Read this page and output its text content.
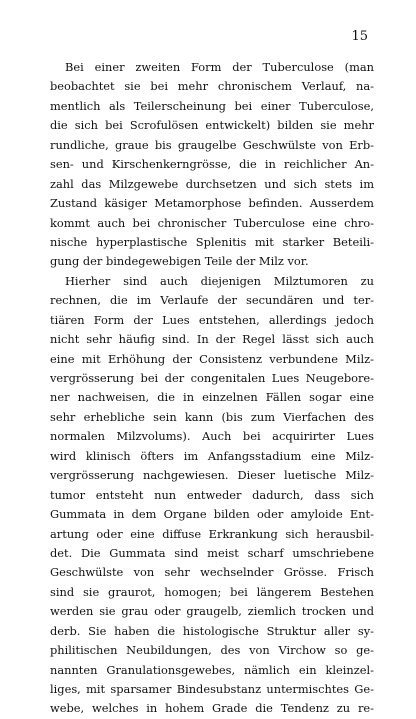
15
Bei einer zweiten Form der Tuberculose (man
beobachtet sie bei mehr chronischem Verlauf, na-
mentlich als Teilerscheinung bei einer Tuberculose,
die sich bei Scrofulösen entwickelt) bilden sie mehr
rundliche, graue bis graugelbe Geschwülste von Erb-
sen- und Kirschenkerngrösse, die in reichlicher An-
zahl das Milzgewebe durchsetzen und sich stets im
Zustand käsiger Metamorphose befinden. Ausserdem
kommt auch bei chronischer Tuberculose eine chro-
nische hyperplastische Splenitis mit starker Beteili-
gung der bindegewebigen Teile der Milz vor.
Hierher sind auch diejenigen Milztumoren zu
rechnen, die im Verlaufe der secundären und ter-
tiären Form der Lues entstehen, allerdings jedoch
nicht sehr häufig sind. In der Regel lässt sich auch
eine mit Erhöhung der Consistenz verbundene Milz-
vergrösserung bei der congenitalen Lues Neugebore-
ner nachweisen, die in einzelnen Fällen sogar eine
sehr erhebliche sein kann (bis zum Vierfachen des
normalen Milzvolums). Auch bei acquirirter Lues
wird klinisch öfters im Anfangsstadium eine Milz-
vergrösserung nachgewiesen. Dieser luetische Milz-
tumor entsteht nun entweder dadurch, dass sich
Gummata in dem Organe bilden oder amyloide Ent-
artung oder eine diffuse Erkrankung sich herausbil-
det. Die Gummata sind meist scharf umschriebene
Geschwülste von sehr wechselnder Grösse. Frisch
sind sie graurot, homogen; bei längerem Bestehen
werden sie grau oder graugelb, ziemlich trocken und
derb. Sie haben die histologische Struktur aller sy-
philitischen Neubildungen, des von Virchow so ge-
nannten Granulationsgewebes, nämlich ein kleinzel-
liges, mit sparsamer Bindesubstanz untermischtes Ge-
webe, welches in hohem Grade die Tendenz zu re-
